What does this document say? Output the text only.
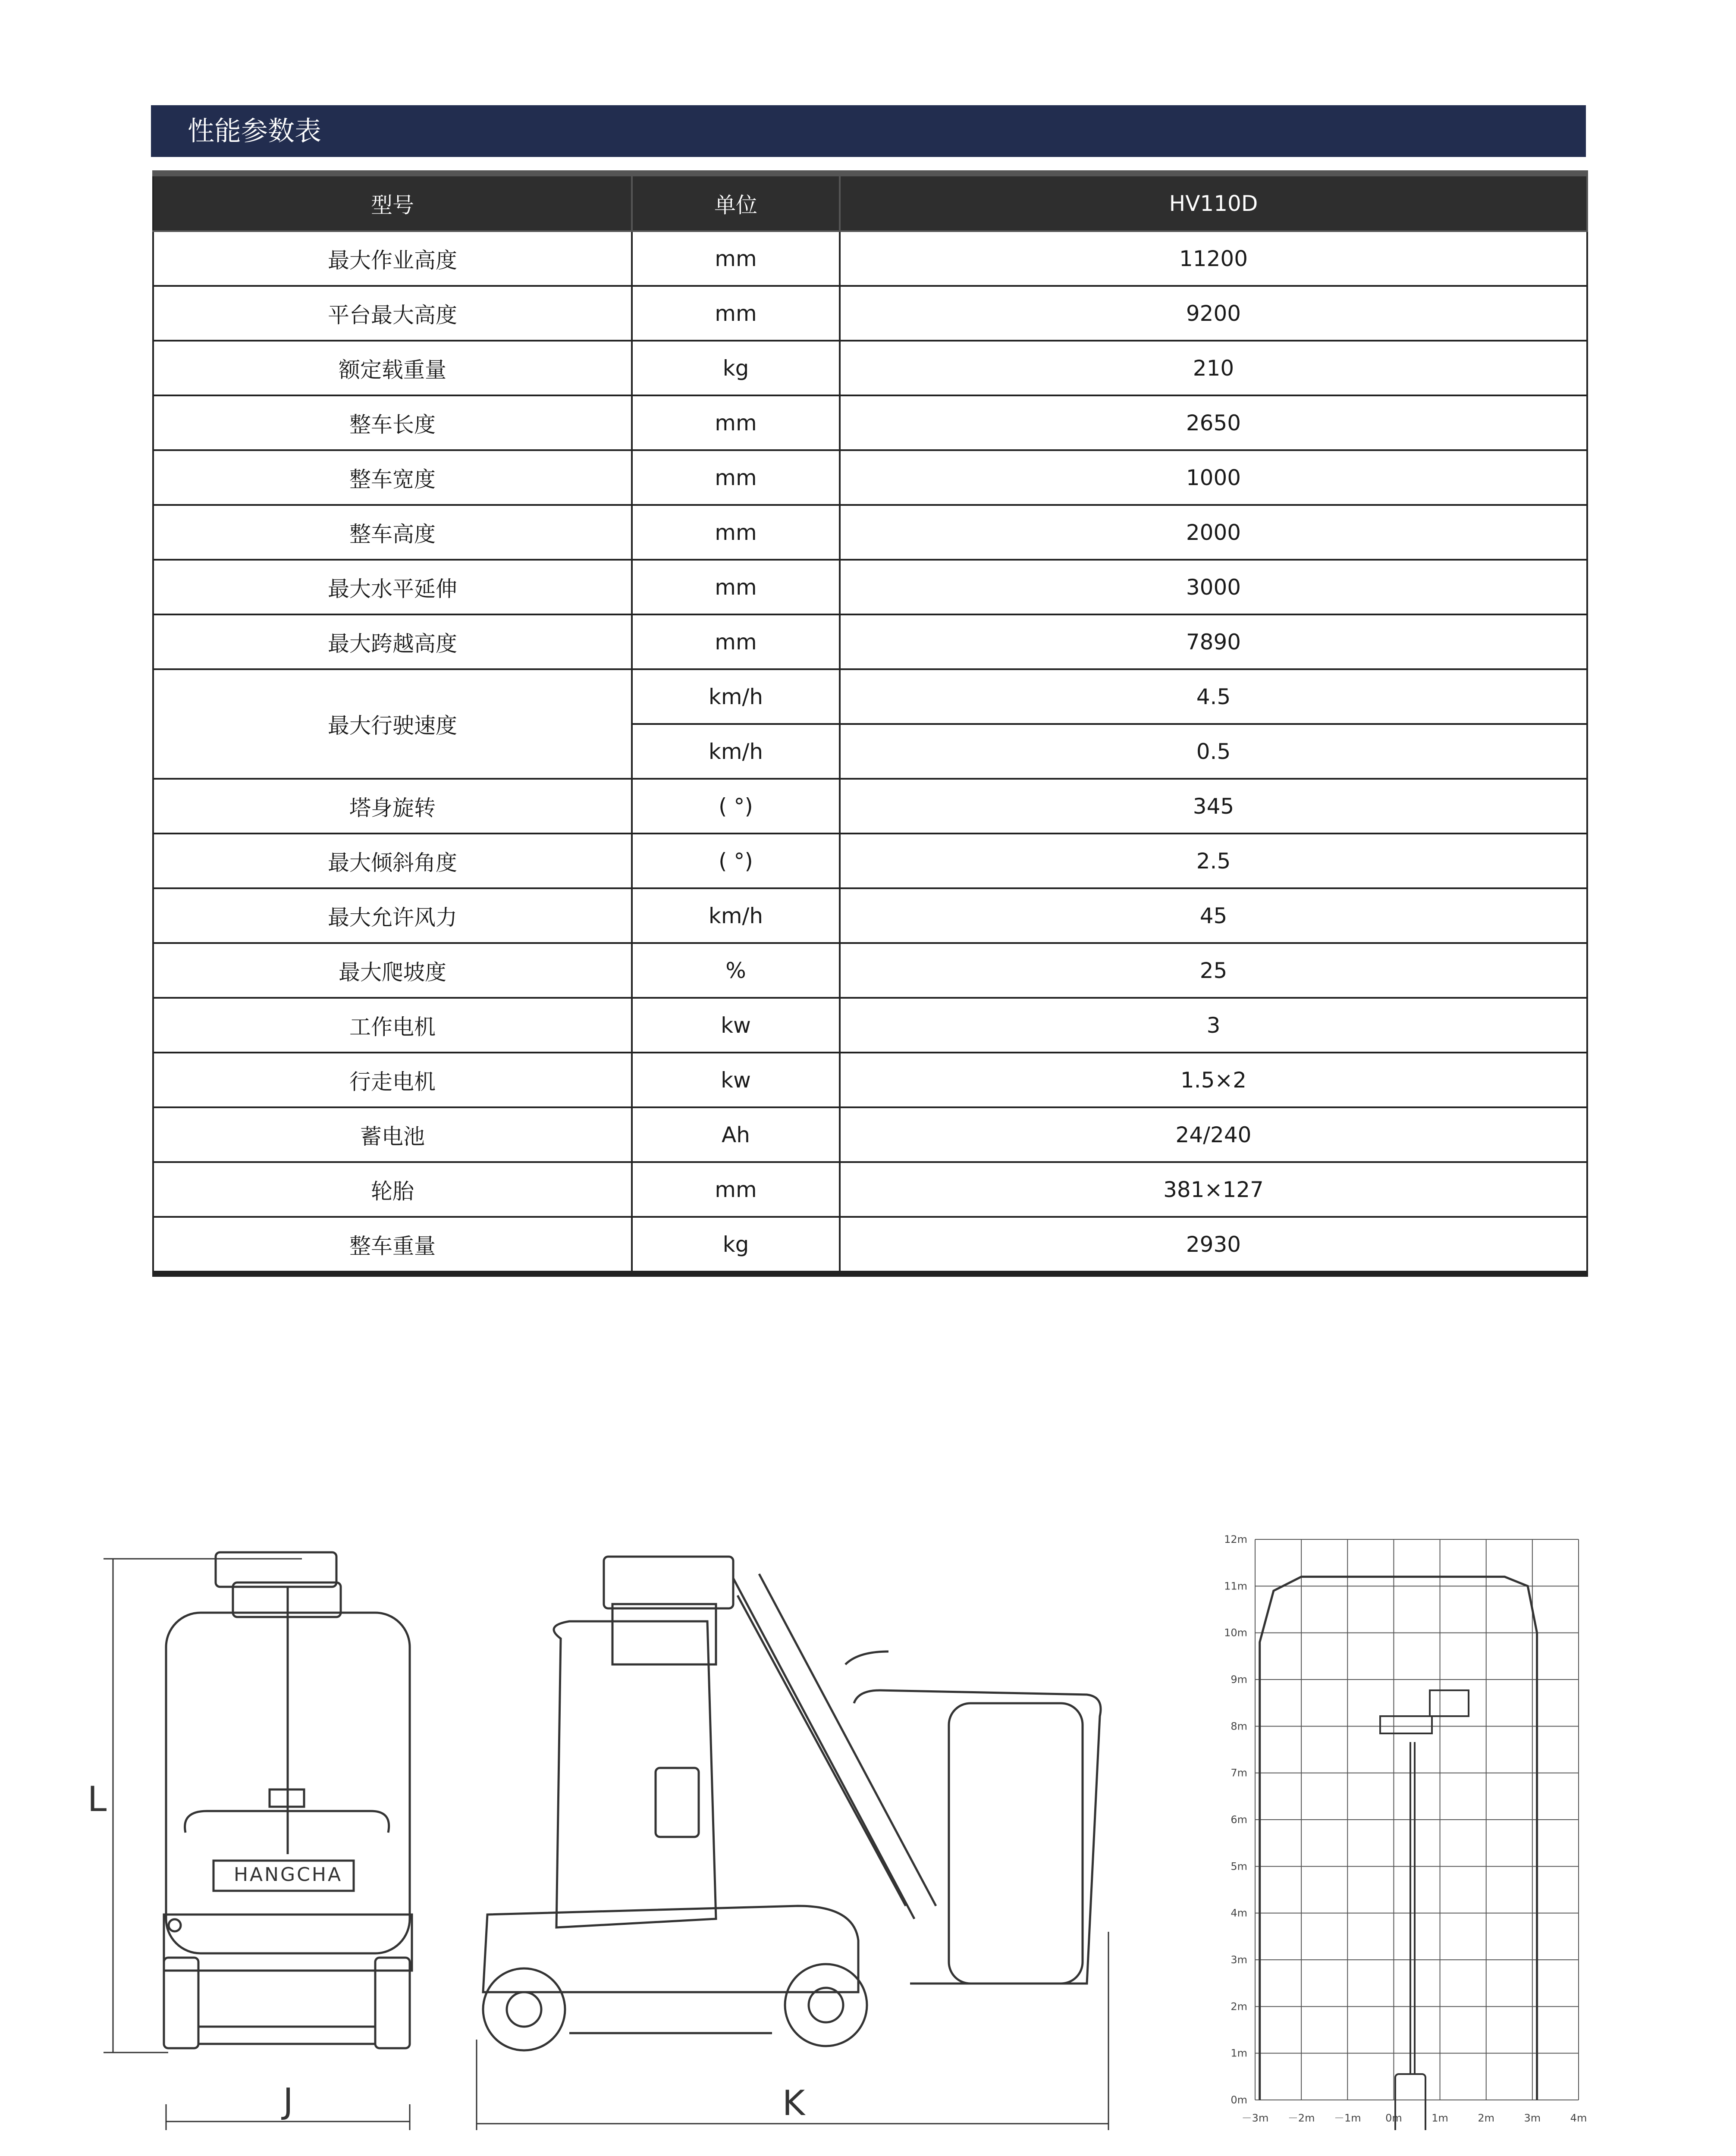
性能参数表
型号	单位	HV110D
最大作业高度	mm	11200
平台最大高度	mm	9200
额定载重量	kg	210
整车长度	mm	2650
整车宽度	mm	1000
整车高度	mm	2000
最大水平延伸	mm	3000
最大跨越高度	mm	7890
最大行驶速度	km/h	4.5
	km/h	0.5
塔身旋转	( °)	345
最大倾斜角度	( °)	2.5
最大允许风力	km/h	45
最大爬坡度	%	25
工作电机	kw	3
行走电机	kw	1.5×2
蓄电池	Ah	24/240
轮胎	mm	381×127
整车重量	kg	2930
HANGCHA
L
J	K	－3m －2m －1m 0m	1m	2m	3m	4m
0m
1m
2m
3m
4m
5m
6m
7m
8m
9m
10m
11m
12m
